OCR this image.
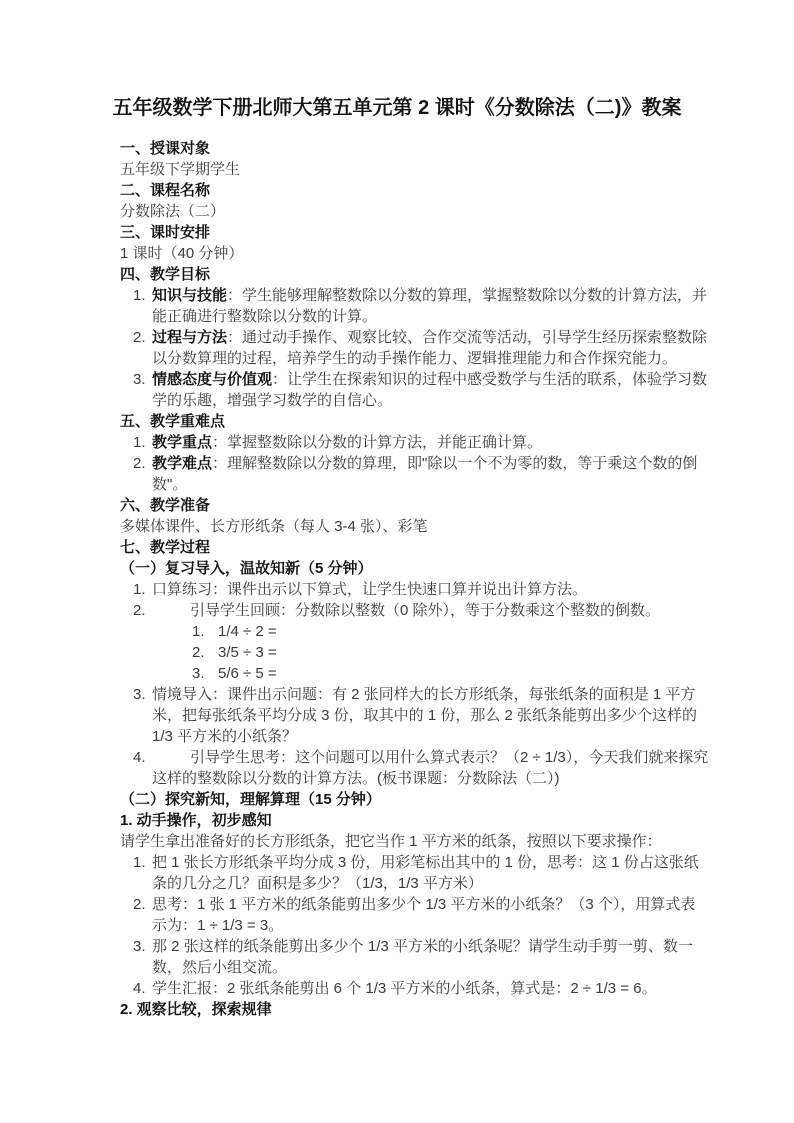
五年级数学下册北师大第五单元第 2 课时《分数除法（二)》教案
一、授课对象
五年级下学期学生
二、课程名称
分数除法（二）
三、课时安排
1 课时（40 分钟）
四、教学目标
知识与技能：学生能够理解整数除以分数的算理，掌握整数除以分数的计算方法，并能正确进行整数除以分数的计算。
过程与方法：通过动手操作、观察比较、合作交流等活动，引导学生经历探索整数除以分数算理的过程，培养学生的动手操作能力、逻辑推理能力和合作探究能力。
情感态度与价值观：让学生在探索知识的过程中感受数学与生活的联系，体验学习数学的乐趣，增强学习数学的自信心。
五、教学重难点
教学重点：掌握整数除以分数的计算方法，并能正确计算。
教学难点：理解整数除以分数的算理，即"除以一个不为零的数，等于乘这个数的倒数"。
六、教学准备
多媒体课件、长方形纸条（每人 3-4 张）、彩笔
七、教学过程
（一）复习导入，温故知新（5 分钟）
口算练习：课件出示以下算式，让学生快速口算并说出计算方法。
引导学生回顾：分数除以整数（0 除外），等于分数乘这个整数的倒数。
1/4 ÷ 2 =
3/5 ÷ 3 =
5/6 ÷ 5 =
情境导入：课件出示问题：有 2 张同样大的长方形纸条，每张纸条的面积是 1 平方米，把每张纸条平均分成 3 份，取其中的 1 份，那么 2 张纸条能剪出多少个这样的 1/3 平方米的小纸条？
引导学生思考：这个问题可以用什么算式表示？（2 ÷ 1/3），今天我们就来探究这样的整数除以分数的计算方法。(板书课题：分数除法（二）)
（二）探究新知，理解算理（15 分钟）
1. 动手操作，初步感知
请学生拿出准备好的长方形纸条，把它当作 1 平方米的纸条，按照以下要求操作：
把 1 张长方形纸条平均分成 3 份，用彩笔标出其中的 1 份，思考：这 1 份占这张纸条的几分之几？面积是多少？（1/3，1/3 平方米）
思考：1 张 1 平方米的纸条能剪出多少个 1/3 平方米的小纸条？（3 个），用算式表示为：1 ÷ 1/3 = 3。
那 2 张这样的纸条能剪出多少个 1/3 平方米的小纸条呢？请学生动手剪一剪、数一数，然后小组交流。
学生汇报：2 张纸条能剪出 6 个 1/3 平方米的小纸条，算式是：2 ÷ 1/3 = 6。
2. 观察比较，探索规律
